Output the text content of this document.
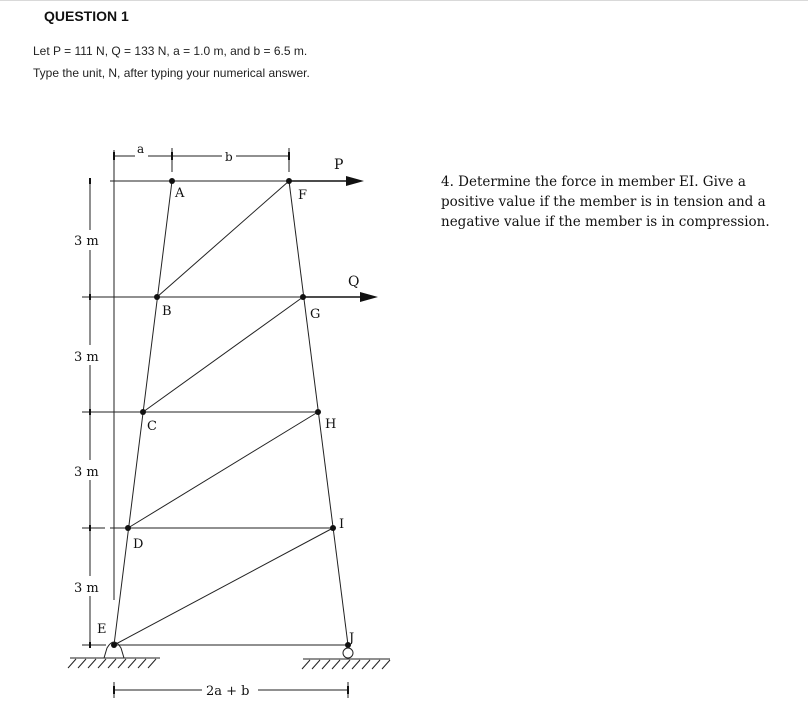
QUESTION 1
Let P = 111 N, Q = 133 N, a = 1.0 m, and b = 6.5 m.
Type the unit, N, after typing your numerical answer.
A	F
B	G
C	H
D
I
E
J
P
Q
a
b
3 m
3 m
3 m
3 m
2a + b
4. Determine the force in member EI. Give a positive value if the member is in tension and a negative value if the member is in compression.
